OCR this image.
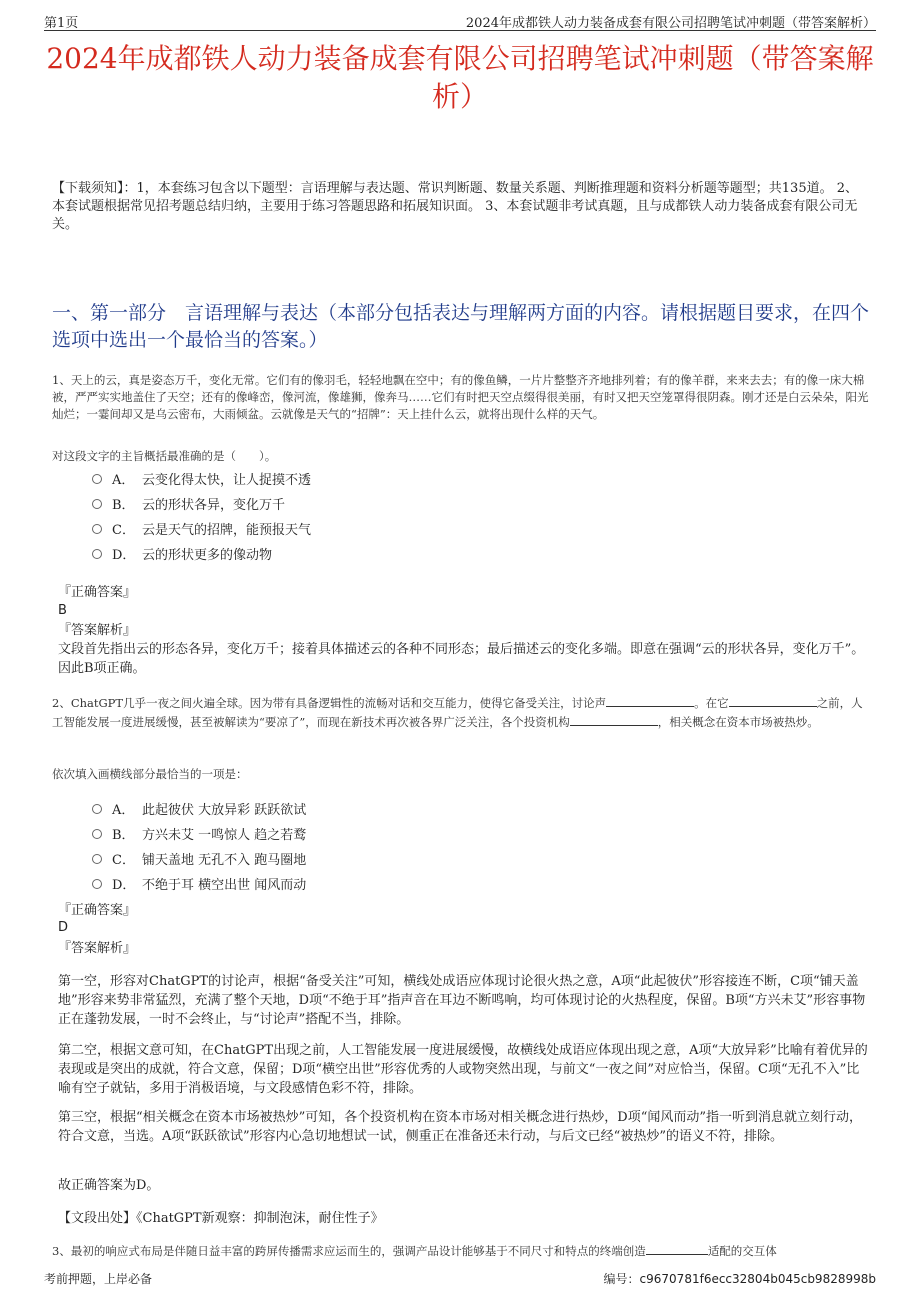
第1页	2024年成都铁人动力装备成套有限公司招聘笔试冲刺题（带答案解析）
2024年成都铁人动力装备成套有限公司招聘笔试冲刺题（带答案解析）
【下载须知】：1，本套练习包含以下题型：言语理解与表达题、常识判断题、数量关系题、判断推理题和资料分析题等题型；共135道。 2、本套试题根据常见招考题总结归纳，主要用于练习答题思路和拓展知识面。 3、本套试题非考试真题，且与成都铁人动力装备成套有限公司无关。
一、第一部分　言语理解与表达（本部分包括表达与理解两方面的内容。请根据题目要求，在四个选项中选出一个最恰当的答案。）
1、天上的云，真是姿态万千，变化无常。它们有的像羽毛，轻轻地飘在空中；有的像鱼鳞，一片片整整齐齐地排列着；有的像羊群，来来去去；有的像一床大棉被，严严实实地盖住了天空；还有的像峰峦，像河流，像雄狮，像奔马……它们有时把天空点缀得很美丽，有时又把天空笼罩得很阴森。刚才还是白云朵朵，阳光灿烂；一霎间却又是乌云密布，大雨倾盆。云就像是天气的“招牌”：天上挂什么云，就将出现什么样的天气。
对这段文字的主旨概括最准确的是（　　）。
A． 云变化得太快，让人捉摸不透
B． 云的形状各异，变化万千
C． 云是天气的招牌，能预报天气
D． 云的形状更多的像动物
『正确答案』
B
『答案解析』
文段首先指出云的形态各异，变化万千；接着具体描述云的各种不同形态；最后描述云的变化多端。即意在强调“云的形状各异，变化万千”。因此B项正确。
2、ChatGPT几乎一夜之间火遍全球。因为带有具备逻辑性的流畅对话和交互能力，使得它备受关注，讨论声	。在它	之前，人工智能发展一度进展缓慢，甚至被解读为“要凉了”，而现在新技术再次被各界广泛关注，各个投资机构	，相关概念在资本市场被热炒。
依次填入画横线部分最恰当的一项是：
A． 此起彼伏 大放异彩 跃跃欲试
B． 方兴未艾 一鸣惊人 趋之若鹜
C． 铺天盖地 无孔不入 跑马圈地
D． 不绝于耳 横空出世 闻风而动
『正确答案』
D
『答案解析』
第一空，形容对ChatGPT的讨论声，根据“备受关注”可知，横线处成语应体现讨论很火热之意，A项“此起彼伏”形容接连不断，C项“铺天盖地”形容来势非常猛烈，充满了整个天地，D项“不绝于耳”指声音在耳边不断鸣响，均可体现讨论的火热程度，保留。B项“方兴未艾”形容事物正在蓬勃发展，一时不会终止，与“讨论声”搭配不当，排除。
第二空，根据文意可知，在ChatGPT出现之前，人工智能发展一度进展缓慢，故横线处成语应体现出现之意，A项“大放异彩”比喻有着优异的表现或是突出的成就，符合文意，保留；D项“横空出世”形容优秀的人或物突然出现，与前文“一夜之间”对应恰当，保留。C项“无孔不入”比喻有空子就钻，多用于消极语境，与文段感情色彩不符，排除。
第三空，根据“相关概念在资本市场被热炒”可知，各个投资机构在资本市场对相关概念进行热炒，D项“闻风而动”指一听到消息就立刻行动，符合文意，当选。A项“跃跃欲试”形容内心急切地想试一试，侧重正在准备还未行动，与后文已经“被热炒”的语义不符，排除。
故正确答案为D。
【文段出处】《ChatGPT新观察：抑制泡沫，耐住性子》
3、最初的响应式布局是伴随日益丰富的跨屏传播需求应运而生的，强调产品设计能够基于不同尺寸和特点的终端创造	适配的交互体
考前押题，上岸必备	编号：c9670781f6ecc32804b045cb9828998b
